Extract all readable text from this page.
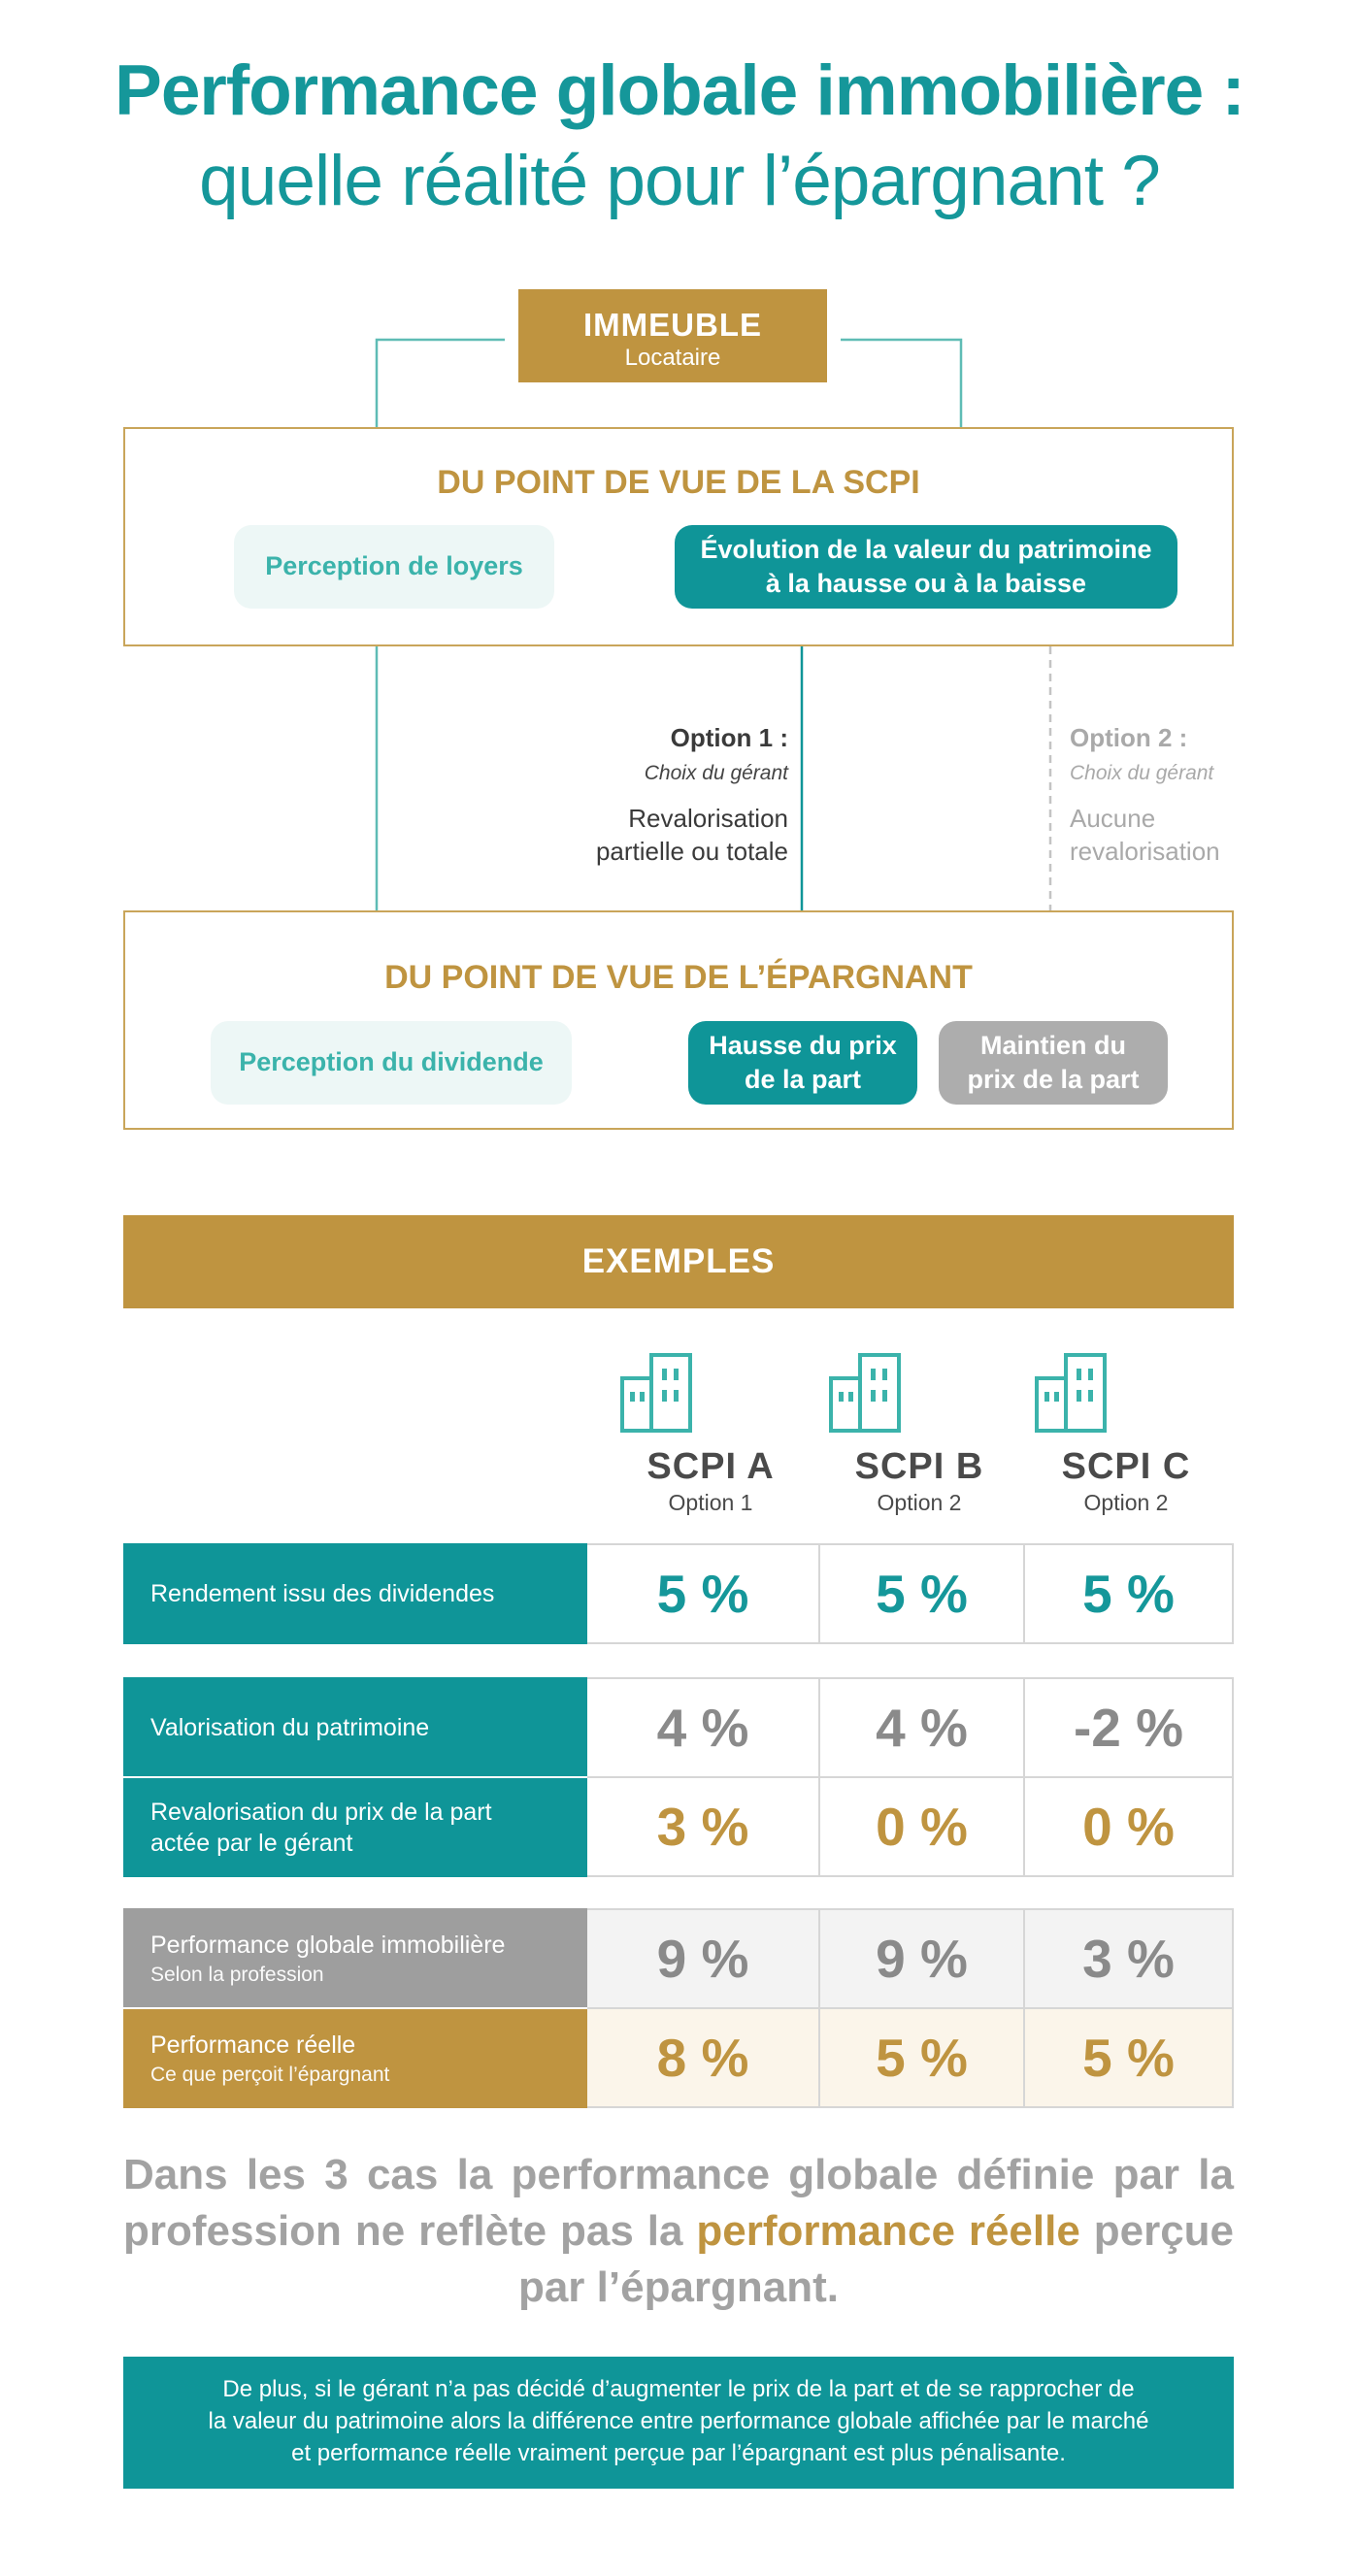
Performance globale immobilière :
quelle réalité pour l’épargnant ?
IMMEUBLE
Locataire
DU POINT DE VUE DE LA SCPI
Perception de loyers
Évolution de la valeur du patrimoine
à la hausse ou à la baisse
Option 1 :
Choix du gérant
Revalorisation
partielle ou totale
Option 2 :
Choix du gérant
Aucune
revalorisation
DU POINT DE VUE DE L’ÉPARGNANT
Perception du dividende
Hausse du prix
de la part
Maintien du
prix de la part
EXEMPLES
SCPI A
Option 1
SCPI B
Option 2
SCPI C
Option 2
Rendement issu des dividendes	5 %	5 %	5 %
Valorisation du patrimoine	4 %	4 %	-2 %
Revalorisation du prix de la part
actée par le gérant	3 %	0 %	0 %
Performance globale immobilière
Selon la profession	9 %	9 %	3 %
Performance réelle
Ce que perçoit l’épargnant	8 %	5 %	5 %
Dans les 3 cas la performance globale définie par la profession ne reflète pas la performance réelle perçue par l’épargnant.
De plus, si le gérant n’a pas décidé d’augmenter le prix de la part et de se rapprocher de
la valeur du patrimoine alors la différence entre performance globale affichée par le marché
et performance réelle vraiment perçue par l’épargnant est plus pénalisante.
